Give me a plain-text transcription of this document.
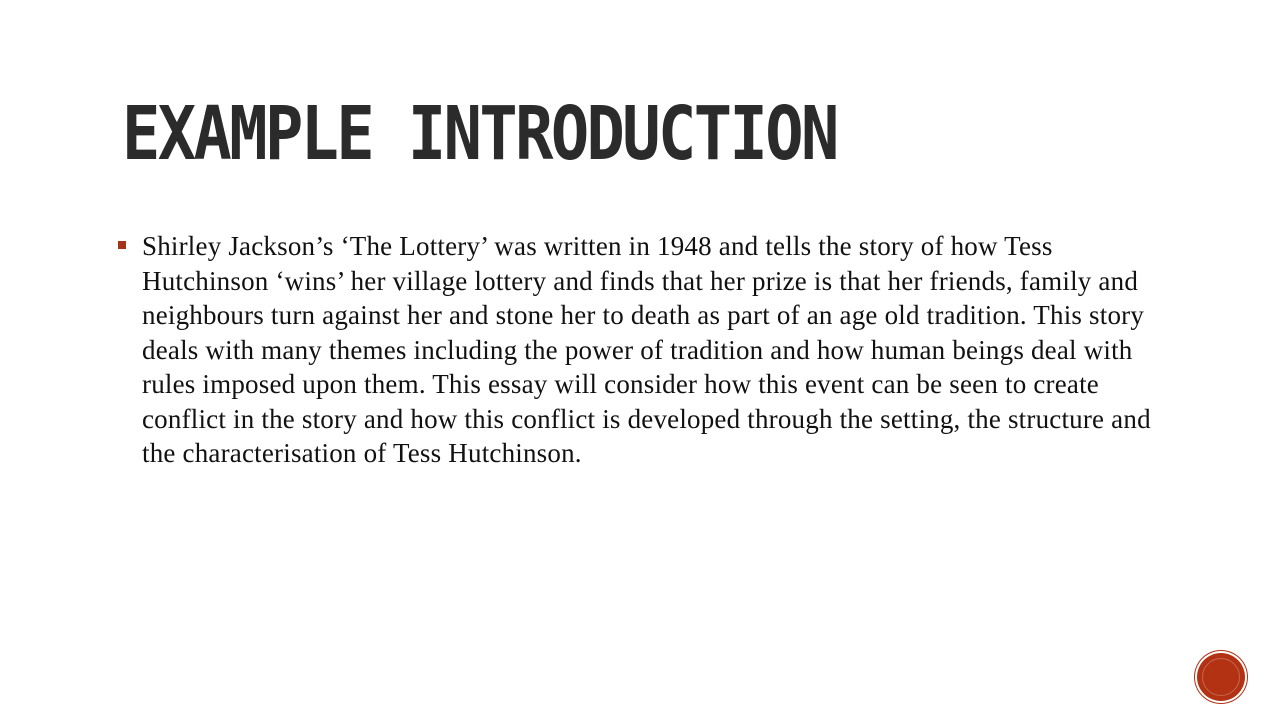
EXAMPLE INTRODUCTION

Shirley Jackson’s ‘The Lottery’ was written in 1948 and tells the story of how Tess Hutchinson ‘wins’ her village lottery and finds that her prize is that her friends, family and neighbours turn against her and stone her to death as part of an age old tradition. This story deals with many themes including the power of tradition and how human beings deal with rules imposed upon them. This essay will consider how this event can be seen to create conflict in the story and how this conflict is developed through the setting, the structure and the characterisation of Tess Hutchinson.
